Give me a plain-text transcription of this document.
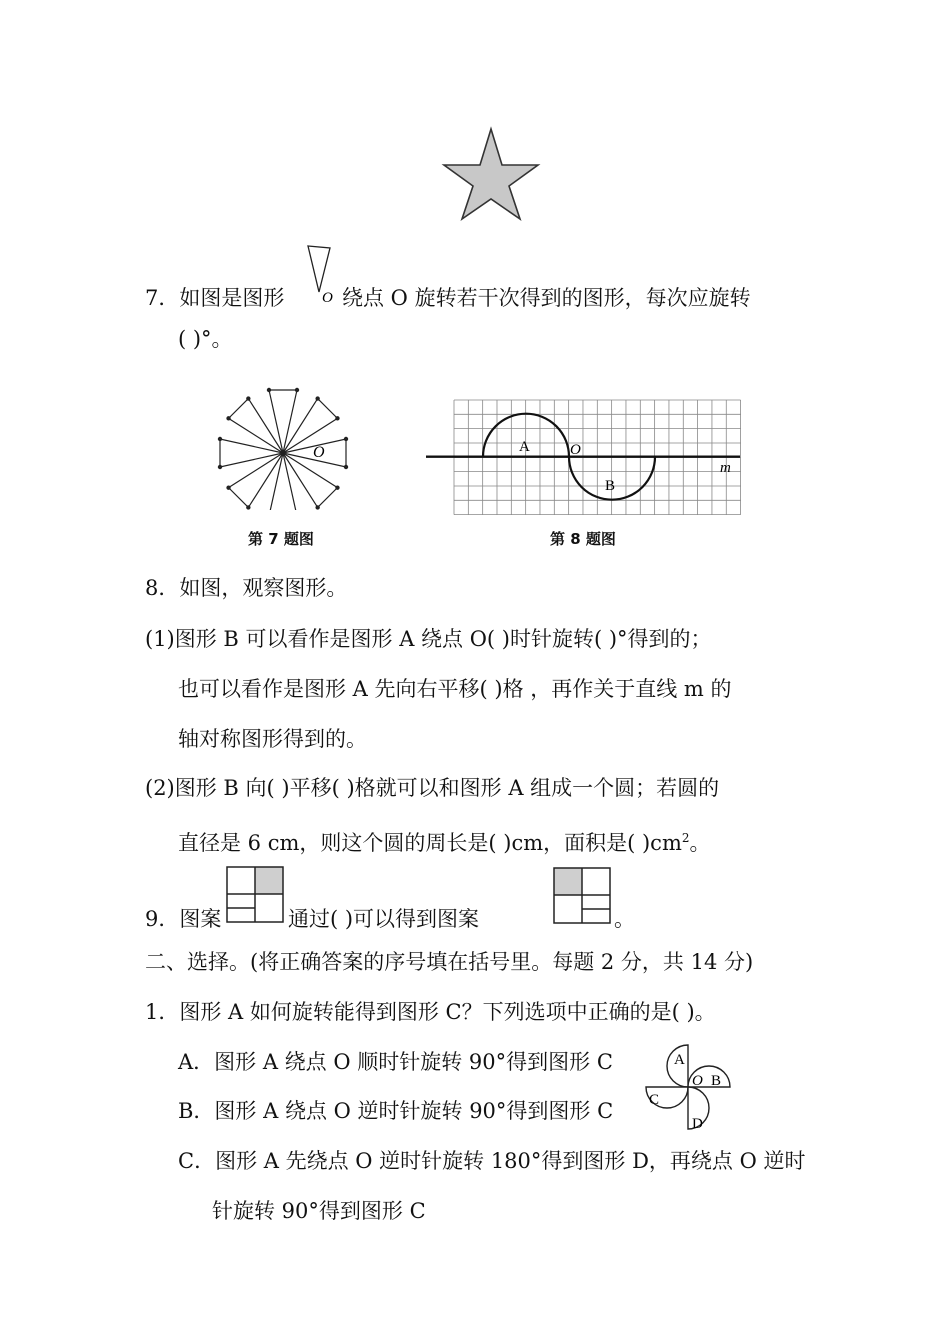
7．如图是图形	O 绕点 O 旋转若干次得到的图形，每次应旋转
( )°。
O
第 7 题图
A	O
B
m
第 8 题图
8．如图，观察图形。
(1)图形 B 可以看作是图形 A 绕点 O( )时针旋转( )°得到的；
也可以看作是图形 A 先向右平移( )格 ，再作关于直线 m 的
轴对称图形得到的。
(2)图形 B 向( )平移( )格就可以和图形 A 组成一个圆；若圆的
直径是 6 cm，则这个圆的周长是( )cm，面积是( )$cm^2$。
9．图案	通过( )可以得到图案	。
二、选择。(将正确答案的序号填在括号里。每题 2 分，共 14 分)
1．图形 A 如何旋转能得到图形 C？下列选项中正确的是( )。
A．图形 A 绕点 O 顺时针旋转 90°得到图形 C
B．图形 A 绕点 O 逆时针旋转 90°得到图形 C
C．图形 A 先绕点 O 逆时针旋转 180°得到图形 D，再绕点 O 逆时
针旋转 90°得到图形 C
A
O B
C
D
